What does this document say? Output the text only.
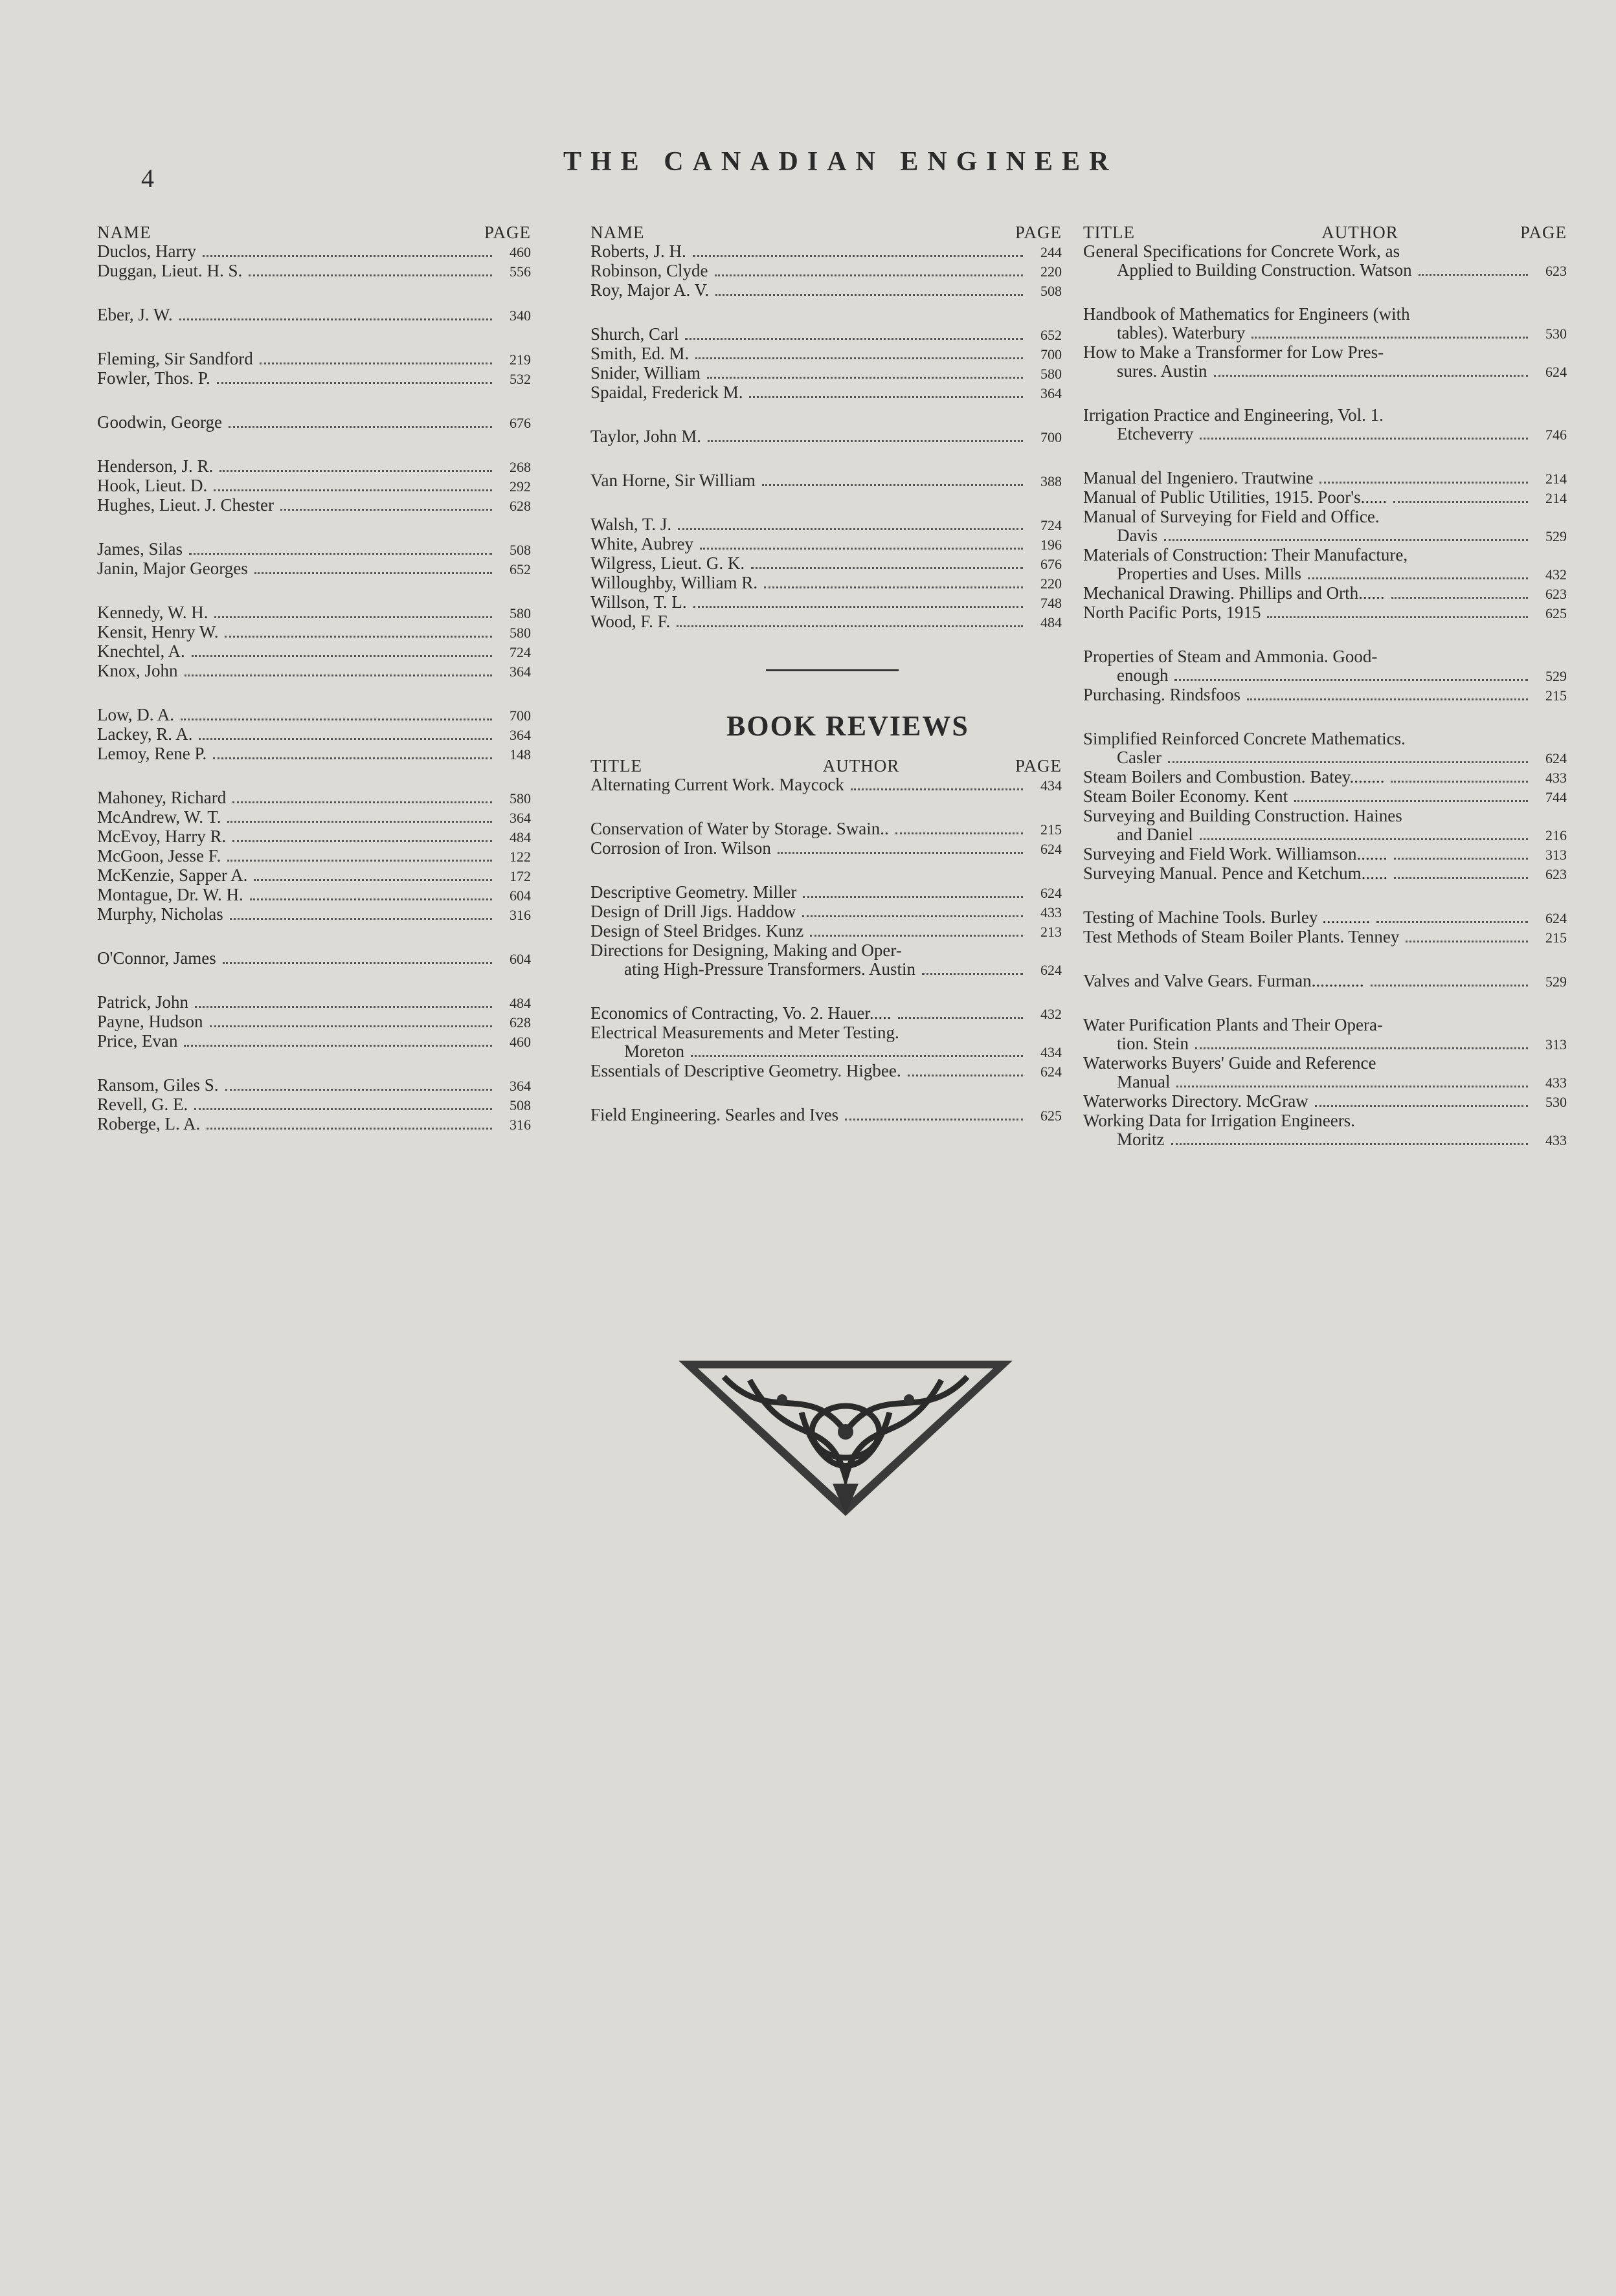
4
THE CANADIAN ENGINEER
NAME	PAGE
Duclos, Harry	460
Duggan, Lieut. H. S.	556
Eber, J. W.	340
Fleming, Sir Sandford	219
Fowler, Thos. P.	532
Goodwin, George	676
Henderson, J. R.	268
Hook, Lieut. D.	292
Hughes, Lieut. J. Chester	628
James, Silas	508
Janin, Major Georges	652
Kennedy, W. H.	580
Kensit, Henry W.	580
Knechtel, A.	724
Knox, John	364
Low, D. A.	700
Lackey, R. A.	364
Lemoy, Rene P.	148
Mahoney, Richard	580
McAndrew, W. T.	364
McEvoy, Harry R.	484
McGoon, Jesse F.	122
McKenzie, Sapper A.	172
Montague, Dr. W. H.	604
Murphy, Nicholas	316
O'Connor, James	604
Patrick, John	484
Payne, Hudson	628
Price, Evan	460
Ransom, Giles S.	364
Revell, G. E.	508
Roberge, L. A.	316
NAME	PAGE
Roberts, J. H.	244
Robinson, Clyde	220
Roy, Major A. V.	508
Shurch, Carl	652
Smith, Ed. M.	700
Snider, William	580
Spaidal, Frederick M.	364
Taylor, John M.	700
Van Horne, Sir William	388
Walsh, T. J.	724
White, Aubrey	196
Wilgress, Lieut. G. K.	676
Willoughby, William R.	220
Willson, T. L.	748
Wood, F. F.	484
BOOK REVIEWS
TITLE	AUTHOR	PAGE
Alternating Current Work. Maycock	434
Conservation of Water by Storage. Swain..	215
Corrosion of Iron. Wilson	624
Descriptive Geometry. Miller	624
Design of Drill Jigs. Haddow	433
Design of Steel Bridges. Kunz	213
Directions for Designing, Making and Oper-
ating High-Pressure Transformers. Austin	624
Economics of Contracting, Vo. 2. Hauer.....	432
Electrical Measurements and Meter Testing.
Moreton	434
Essentials of Descriptive Geometry. Higbee.	624
Field Engineering. Searles and Ives	625
TITLE	AUTHOR	PAGE
General Specifications for Concrete Work, as
Applied to Building Construction. Watson	623
Handbook of Mathematics for Engineers (with
tables). Waterbury	530
How to Make a Transformer for Low Pres-
sures. Austin	624
Irrigation Practice and Engineering, Vol. 1.
Etcheverry	746
Manual del Ingeniero. Trautwine	214
Manual of Public Utilities, 1915. Poor's......	214
Manual of Surveying for Field and Office.
Davis	529
Materials of Construction: Their Manufacture,
Properties and Uses. Mills	432
Mechanical Drawing. Phillips and Orth......	623
North Pacific Ports, 1915	625
Properties of Steam and Ammonia. Good-
enough	529
Purchasing. Rindsfoos	215
Simplified Reinforced Concrete Mathematics.
Casler	624
Steam Boilers and Combustion. Batey........	433
Steam Boiler Economy. Kent	744
Surveying and Building Construction. Haines
and Daniel	216
Surveying and Field Work. Williamson.......	313
Surveying Manual. Pence and Ketchum......	623
Testing of Machine Tools. Burley ...........	624
Test Methods of Steam Boiler Plants. Tenney	215
Valves and Valve Gears. Furman............	529
Water Purification Plants and Their Opera-
tion. Stein	313
Waterworks Buyers' Guide and Reference
Manual	433
Waterworks Directory. McGraw	530
Working Data for Irrigation Engineers.
Moritz	433
